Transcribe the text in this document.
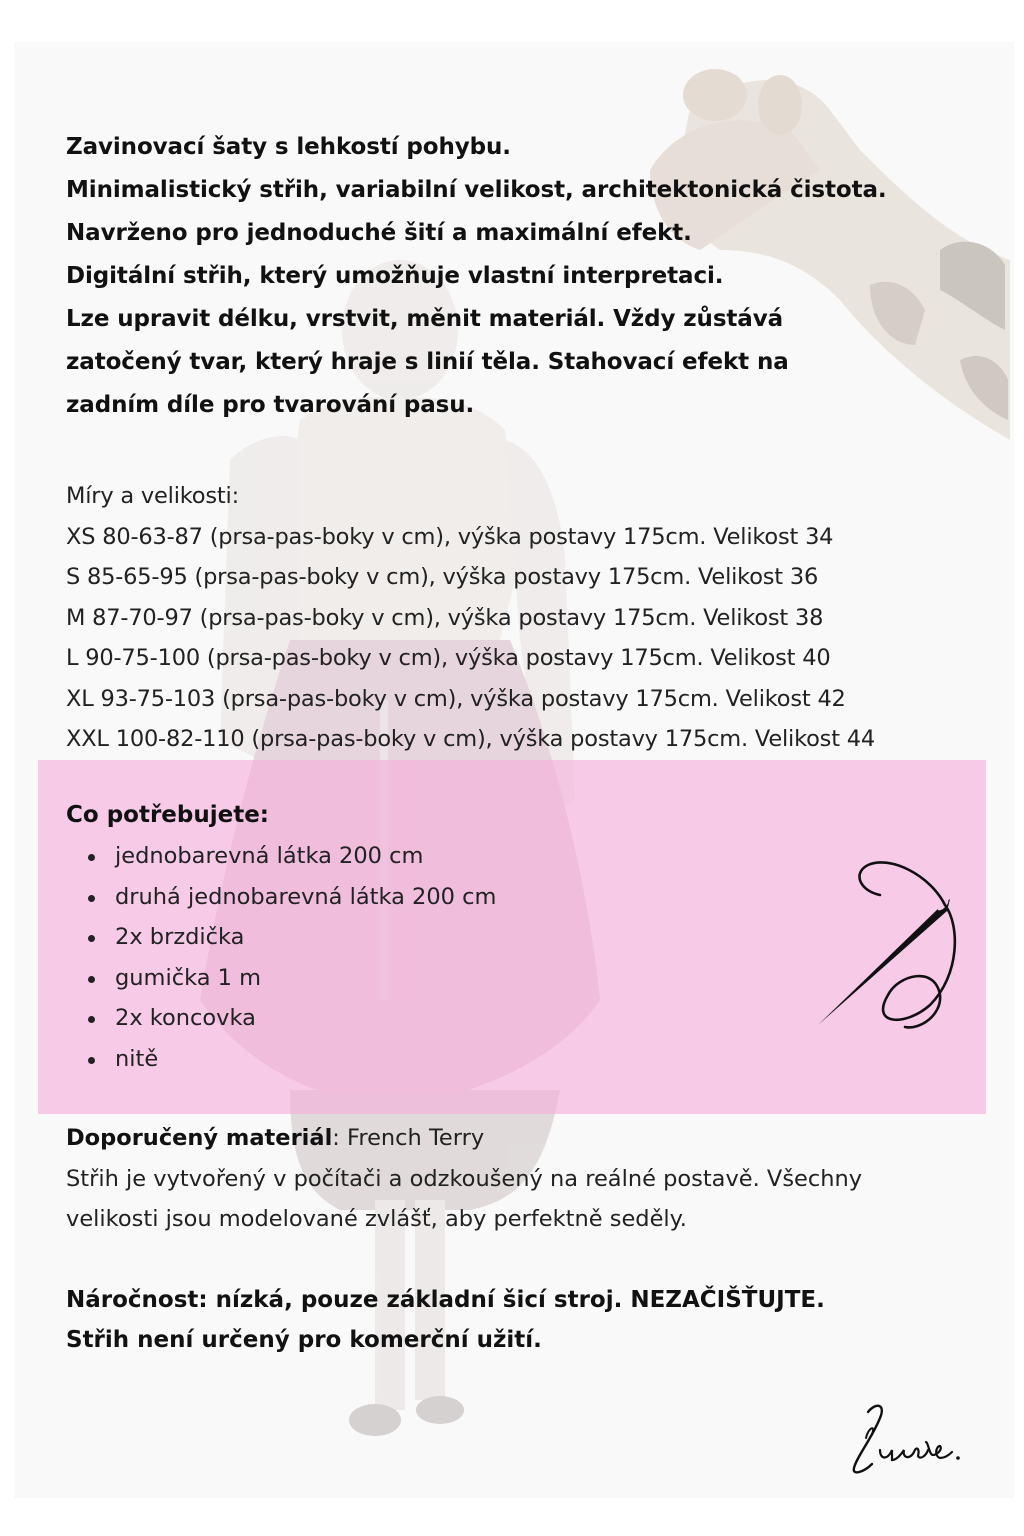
Zavinovací šaty s lehkostí pohybu.
Minimalistický střih, variabilní velikost, architektonická čistota.
Navrženo pro jednoduché šití a maximální efekt.
Digitální střih, který umožňuje vlastní interpretaci.
Lze upravit délku, vrstvit, měnit materiál. Vždy zůstává
zatočený tvar, který hraje s linií těla. Stahovací efekt na
zadním díle pro tvarování pasu.
Míry a velikosti:
XS 80-63-87 (prsa-pas-boky v cm), výška postavy 175cm. Velikost 34
S 85-65-95 (prsa-pas-boky v cm), výška postavy 175cm. Velikost 36
M 87-70-97 (prsa-pas-boky v cm), výška postavy 175cm. Velikost 38
L 90-75-100 (prsa-pas-boky v cm), výška postavy 175cm. Velikost 40
XL 93-75-103 (prsa-pas-boky v cm), výška postavy 175cm. Velikost 42
XXL 100-82-110 (prsa-pas-boky v cm), výška postavy 175cm. Velikost 44
Co potřebujete:
jednobarevná látka 200 cm
druhá jednobarevná látka 200 cm
2x brzdička
gumička 1 m
2x koncovka
nitě
Doporučený materiál: French Terry
Střih je vytvořený v počítači a odzkoušený na reálné postavě. Všechny
velikosti jsou modelované zvlášť, aby perfektně seděly.
Náročnost: nízká, pouze základní šicí stroj. NEZAČIŠŤUJTE.
Střih není určený pro komerční užití.
